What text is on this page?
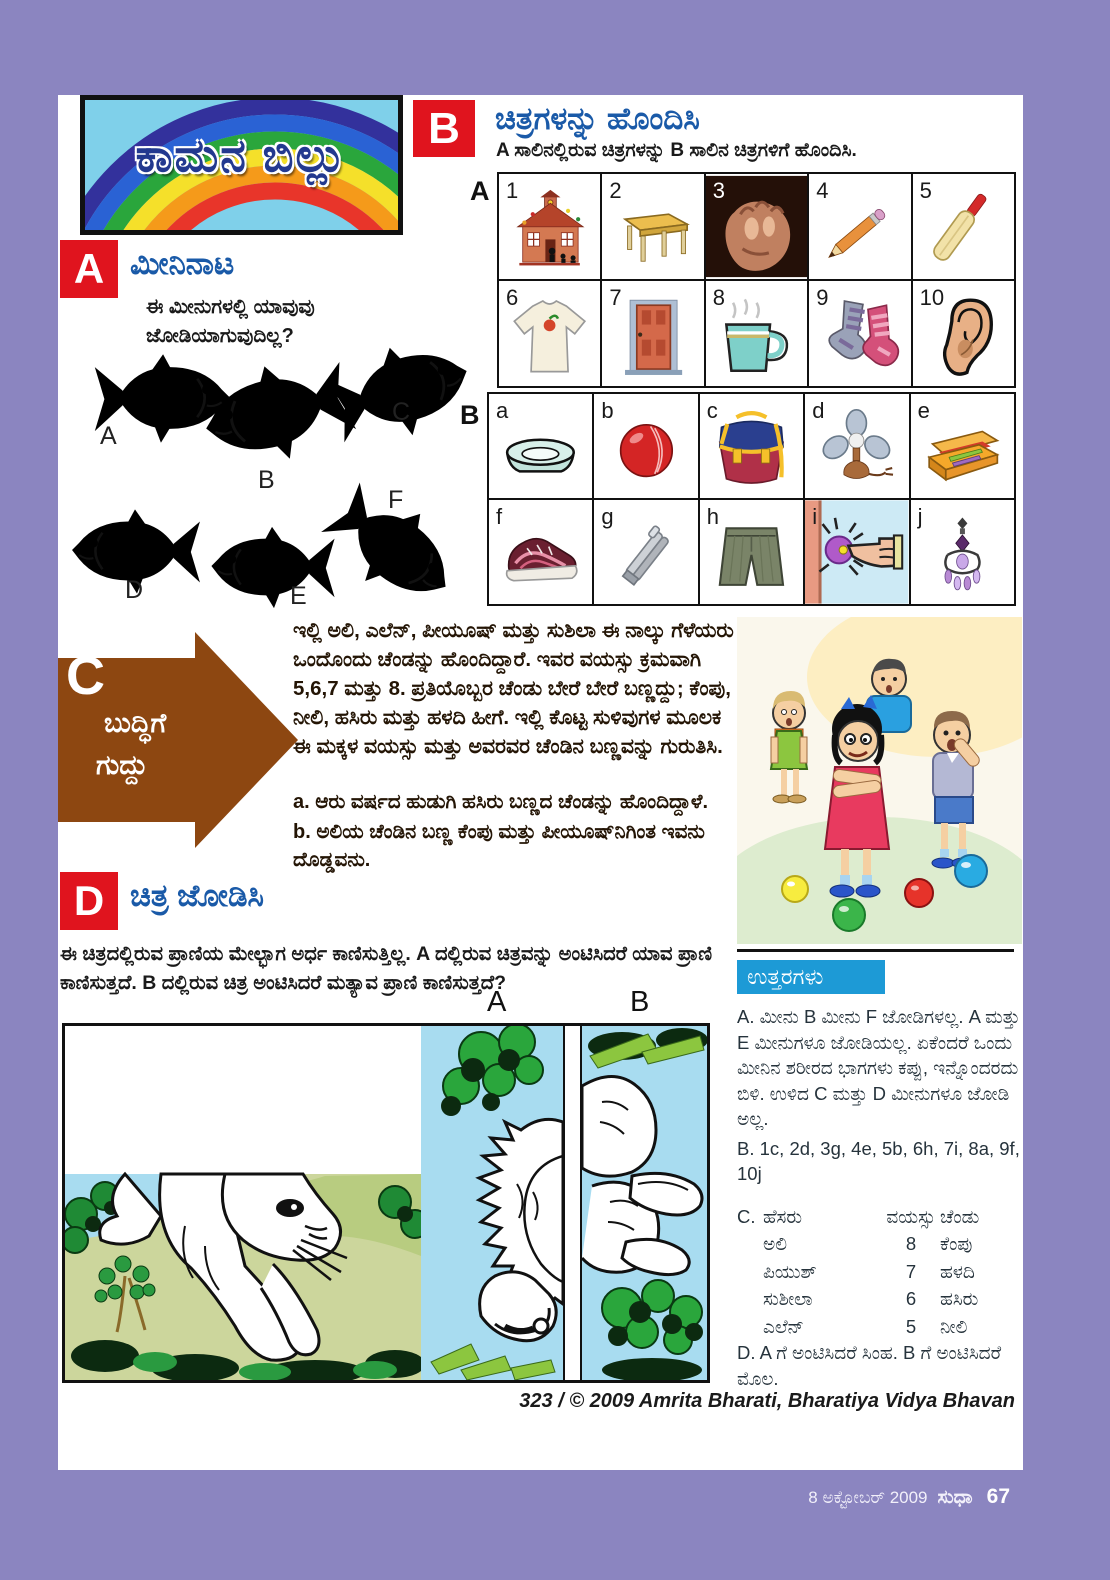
ಕಾಮನ ಬಿಲ್ಲು
B	ಚಿತ್ರಗಳನ್ನು ಹೊಂದಿಸಿ
A ಸಾಲಿನಲ್ಲಿರುವ ಚಿತ್ರಗಳನ್ನು B ಸಾಲಿನ ಚಿತ್ರಗಳಿಗೆ ಹೊಂದಿಸಿ.
A 1	2	3	4	5
6	7	8	9	10
B a	b	c	d	e
f	g	h	i	j
A ಮೀನಿನಾಟ
ಈ ಮೀನುಗಳಲ್ಲಿ ಯಾವುವು ಜೋಡಿಯಾಗುವುದಿಲ್ಲ?
A
B
C
D	E
F
C
ಬುದ್ಧಿಗೆ
ಗುದ್ದು
ಇಲ್ಲಿ ಅಲಿ, ಎಲೆನ್, ಪೀಯೂಷ್ ಮತ್ತು ಸುಶಿಲಾ ಈ ನಾಲ್ಕು ಗೆಳೆಯರು ಒಂದೊಂದು ಚೆಂಡನ್ನು ಹೊಂದಿದ್ದಾರೆ. ಇವರ ವಯಸ್ಸು ಕ್ರಮವಾಗಿ 5,6,7 ಮತ್ತು 8. ಪ್ರತಿಯೊಬ್ಬರ ಚೆಂಡು ಬೇರೆ ಬೇರೆ ಬಣ್ಣದ್ದು; ಕೆಂಪು, ನೀಲಿ, ಹಸಿರು ಮತ್ತು ಹಳದಿ ಹೀಗೆ. ಇಲ್ಲಿ ಕೊಟ್ಟ ಸುಳಿವುಗಳ ಮೂಲಕ ಈ ಮಕ್ಕಳ ವಯಸ್ಸು ಮತ್ತು ಅವರವರ ಚೆಂಡಿನ ಬಣ್ಣವನ್ನು ಗುರುತಿಸಿ.
a. ಆರು ವರ್ಷದ ಹುಡುಗಿ ಹಸಿರು ಬಣ್ಣದ ಚೆಂಡನ್ನು ಹೊಂದಿದ್ದಾಳೆ.
b. ಅಲಿಯ ಚೆಂಡಿನ ಬಣ್ಣ ಕೆಂಪು ಮತ್ತು ಪೀಯೂಷ್‌ನಿಗಿಂತ ಇವನು ದೊಡ್ಡವನು.
D ಚಿತ್ರ ಜೋಡಿಸಿ
ಈ ಚಿತ್ರದಲ್ಲಿರುವ ಪ್ರಾಣಿಯ ಮೇಲ್ಭಾಗ ಅರ್ಧ ಕಾಣಿಸುತ್ತಿಲ್ಲ. A ದಲ್ಲಿರುವ ಚಿತ್ರವನ್ನು ಅಂಟಿಸಿದರೆ ಯಾವ ಪ್ರಾಣಿ ಕಾಣಿಸುತ್ತದೆ. B ದಲ್ಲಿರುವ ಚಿತ್ರ ಅಂಟಿಸಿದರೆ ಮತ್ಯಾವ ಪ್ರಾಣಿ ಕಾಣಿಸುತ್ತದೆ?
A	B
ಉತ್ತರಗಳು

A. ಮೀನು B ಮೀನು F ಜೋಡಿಗಳಲ್ಲ. A ಮತ್ತು E ಮೀನುಗಳೂ ಜೋಡಿಯಲ್ಲ. ಏಕೆಂದರೆ ಒಂದು ಮೀನಿನ ಶರೀರದ ಭಾಗಗಳು ಕಪ್ಪು, ಇನ್ನೊಂದರದು ಬಿಳಿ. ಉಳಿದ C ಮತ್ತು D ಮೀನುಗಳೂ ಜೋಡಿ ಅಲ್ಲ.

B. 1c, 2d, 3g, 4e, 5b, 6h, 7i, 8a, 9f, 10j

C.	ಹೆಸರು	ವಯಸ್ಸು	ಚೆಂಡು
	ಅಲಿ	8	ಕೆಂಪು
	ಪಿಯುಶ್	7	ಹಳದಿ
	ಸುಶೀಲಾ	6	ಹಸಿರು
	ಎಲೆನ್	5	ನೀಲಿ

D. A ಗೆ ಅಂಟಿಸಿದರೆ ಸಿಂಹ. B ಗೆ ಅಂಟಿಸಿದರೆ ಮೊಲ.

323 / © 2009 Amrita Bharati, Bharatiya Vidya Bhavan
8 ಅಕ್ಟೋಬರ್ 2009 ಸುಧಾ 67
